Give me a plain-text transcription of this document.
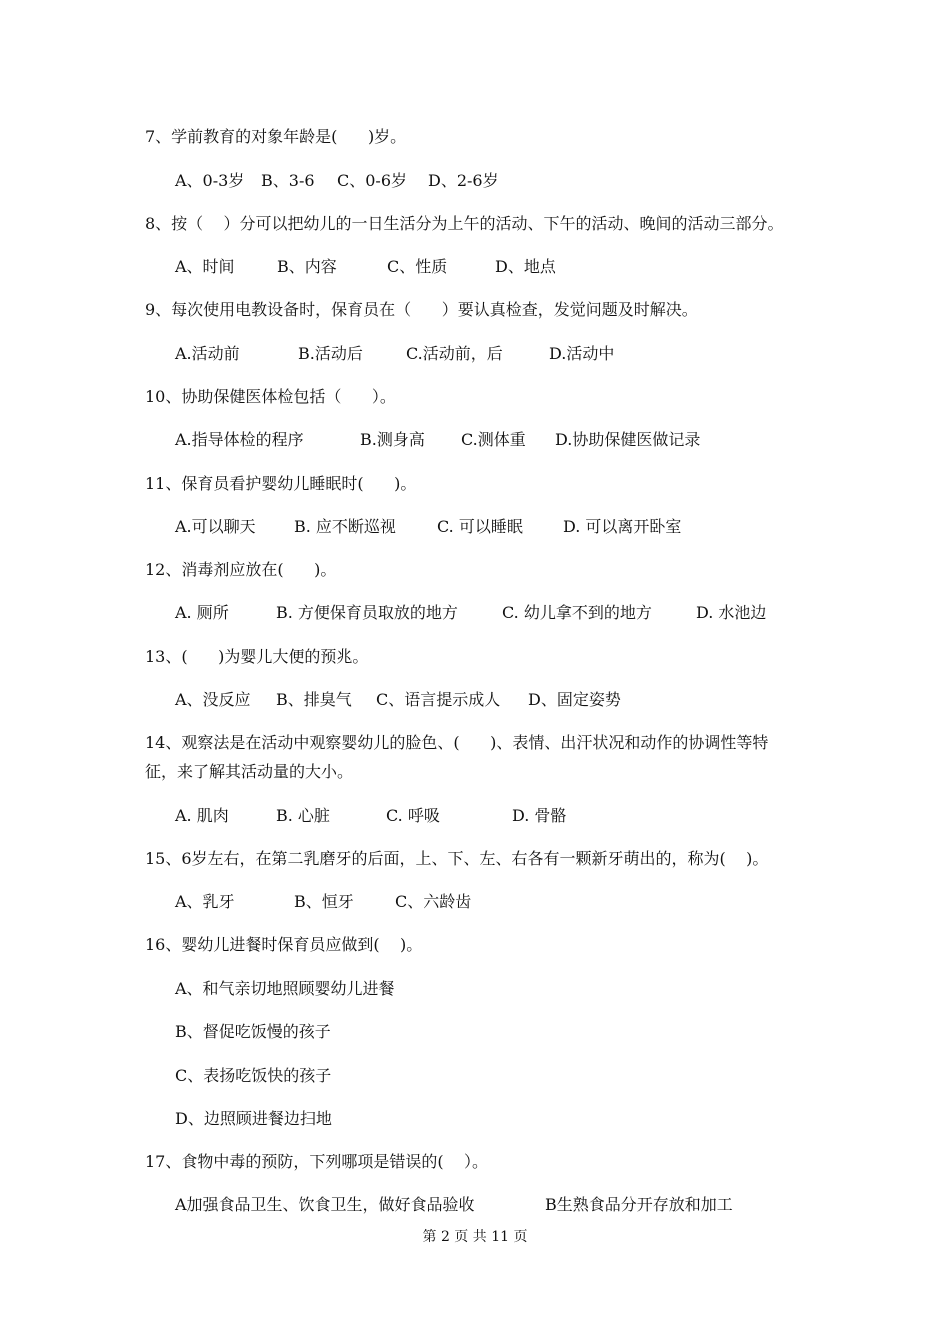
7、学前教育的对象年龄是(      )岁。

A、0-3岁

B、3-6

C、0-6岁

D、2-6岁

8、按（    ）分可以把幼儿的一日生活分为上午的活动、下午的活动、晚间的活动三部分。

A、时间

	B、内容

	C、性质

	D、地点

9、每次使用电教设备时，保育员在（      ）要认真检查，发觉问题及时解决。

A.活动前

	B.活动后

	C.活动前，后

	D.活动中

10、协助保健医体检包括（      ）。

A.指导体检的程序

	B.测身高

C.测体重

D.协助保健医做记录

11、保育员看护婴幼儿睡眠时(      )。

A.可以聊天

B. 应不断巡视

	C. 可以睡眠

	D. 可以离开卧室

12、消毒剂应放在(      )。

A. 厕所

	B. 方便保育员取放的地方

	C. 幼儿拿不到的地方

	D. 水池边

13、(      )为婴儿大便的预兆。

A、没反应

B、排臭气

C、语言提示成人

D、固定姿势

14、观察法是在活动中观察婴幼儿的脸色、(      )、表情、出汗状况和动作的协调性等特
征，来了解其活动量的大小。

A. 肌肉

	B. 心脏

	C. 呼吸

	D. 骨骼

15、6岁左右，在第二乳磨牙的后面，上、下、左、右各有一颗新牙萌出的，称为(    )。

A、乳牙

	B、恒牙

	C、六龄齿

16、婴幼儿进餐时保育员应做到(    )。
A、和气亲切地照顾婴幼儿进餐
B、督促吃饭慢的孩子
C、表扬吃饭快的孩子
D、边照顾进餐边扫地
17、食物中毒的预防，下列哪项是错误的(    ）。

A加强食品卫生、饮食卫生，做好食品验收

	B生熟食品分开存放和加工

第 2 页 共 11 页
